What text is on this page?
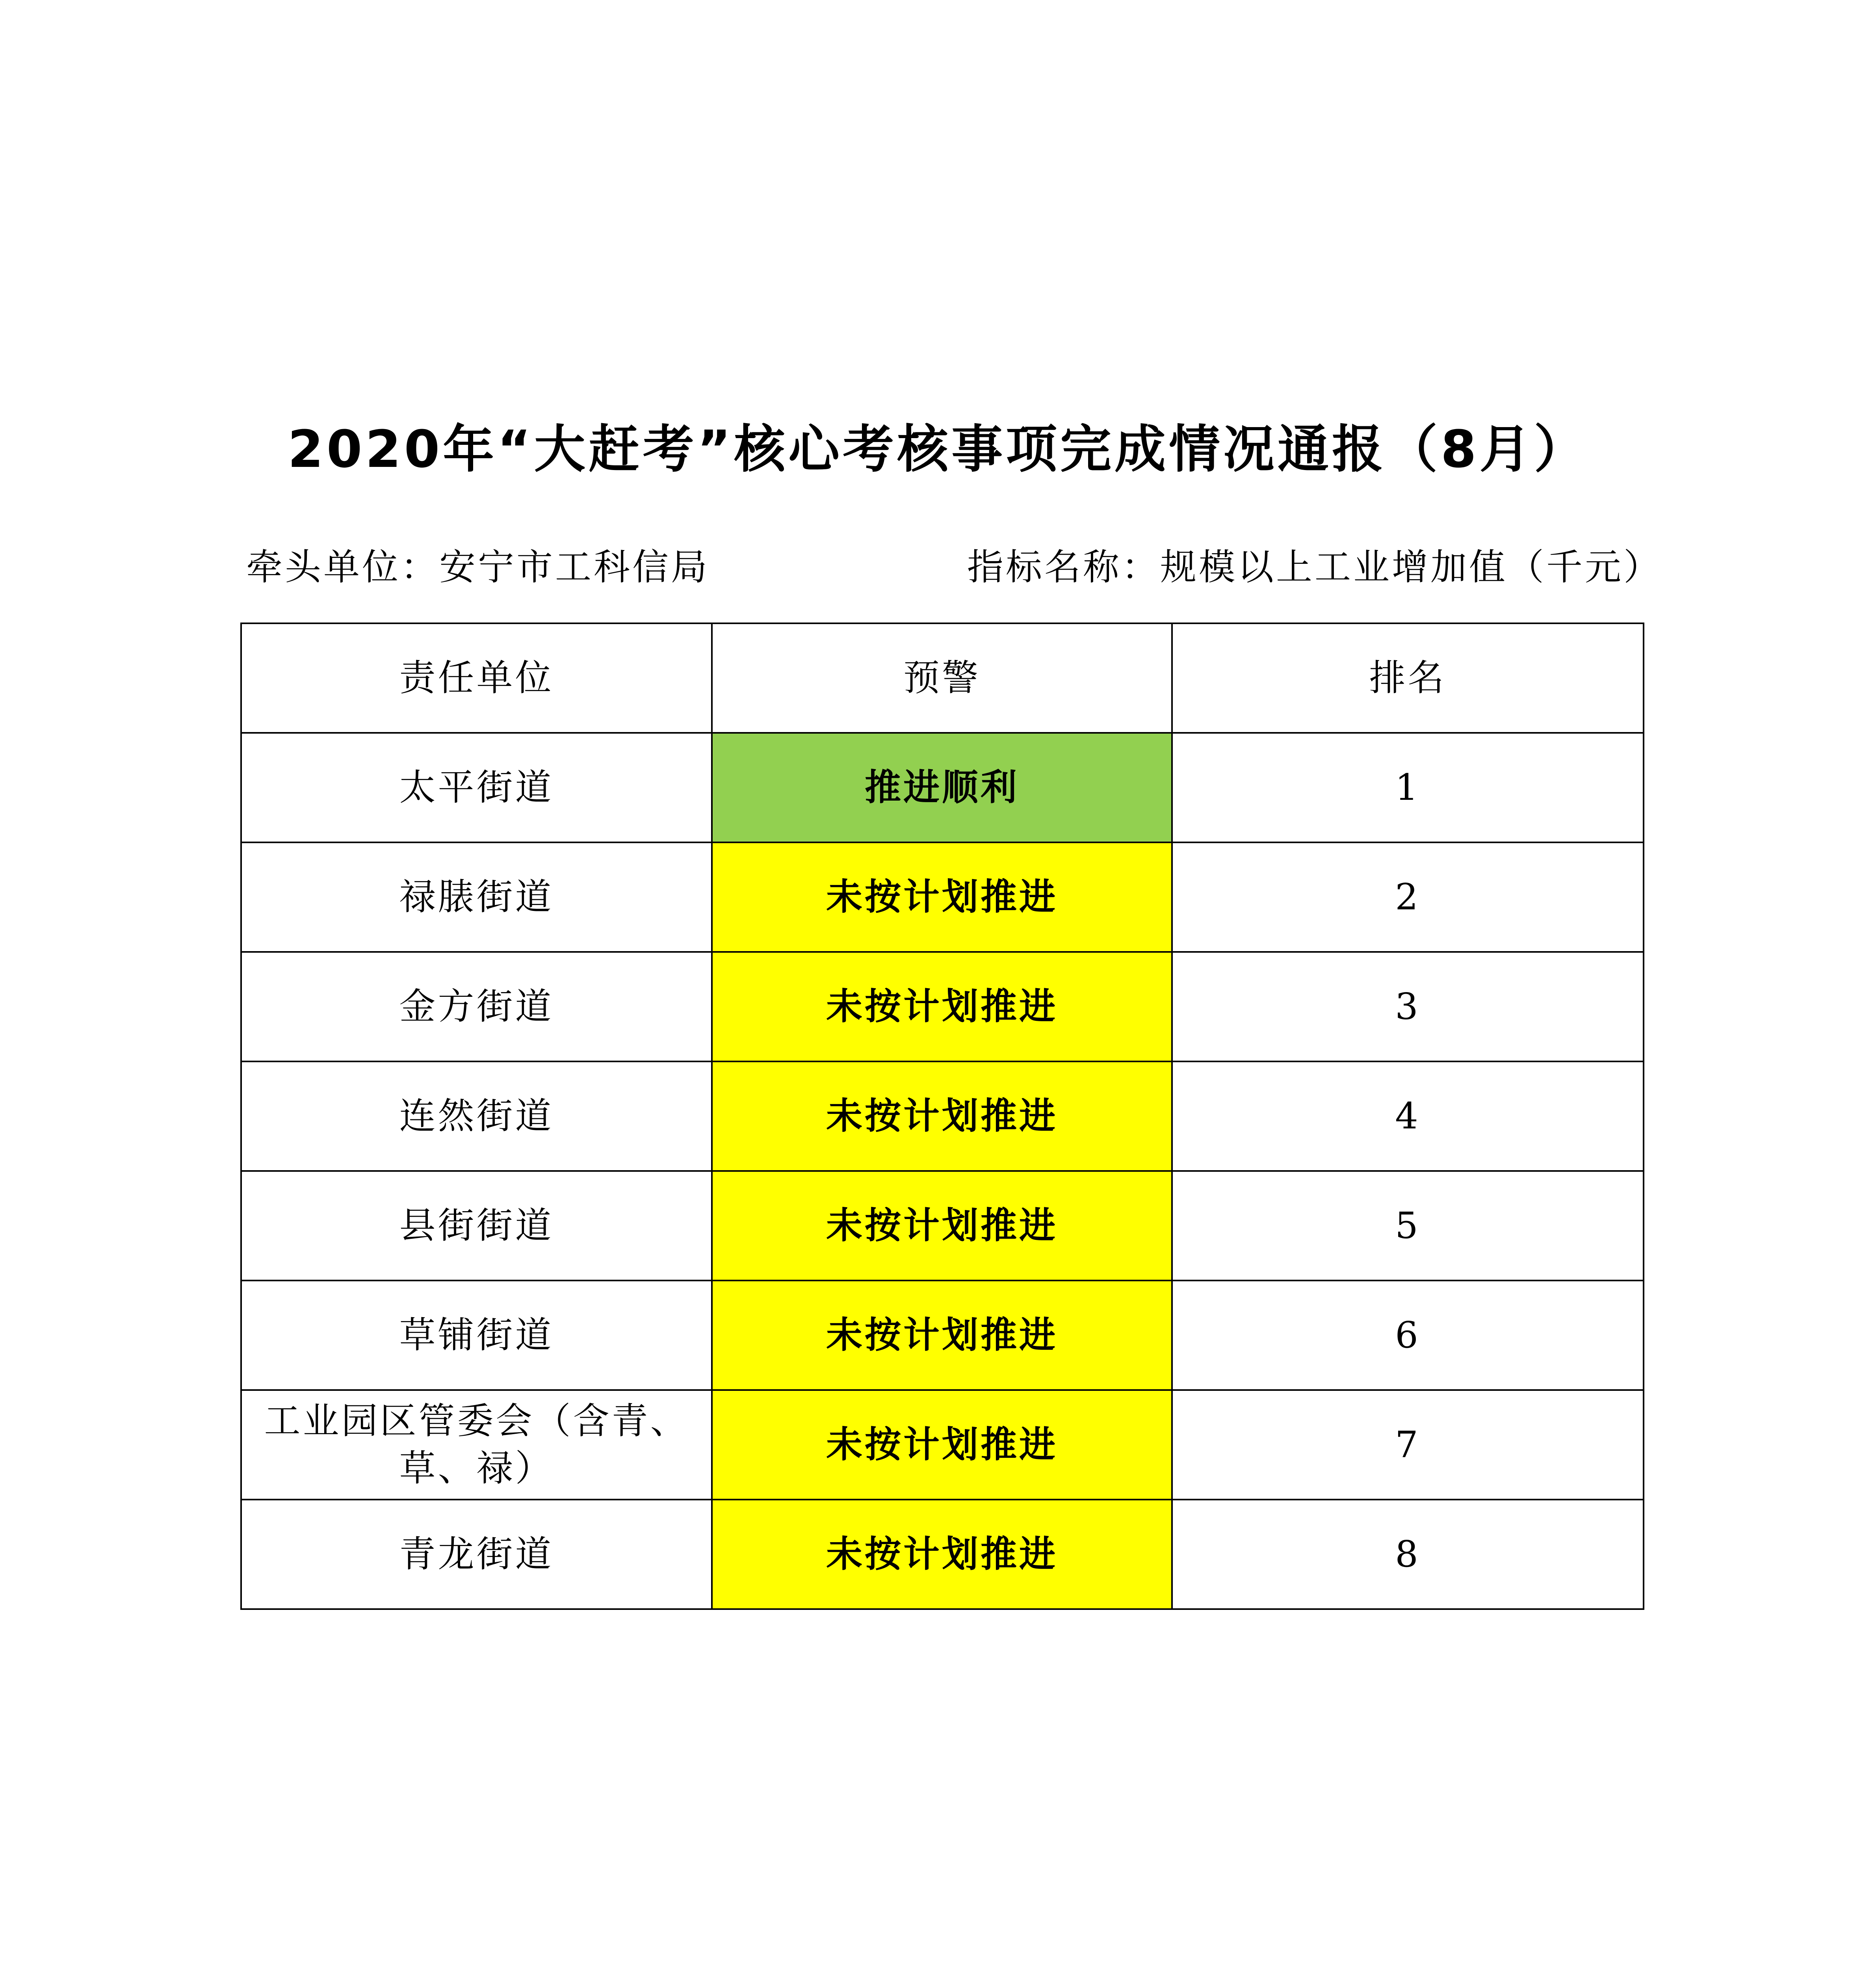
2020年“大赶考”核心考核事项完成情况通报（8月）
牵头单位：安宁市工科信局	指标名称：规模以上工业增加值（千元）
责任单位	预警	排名
太平街道	推进顺利	1
禄脿街道	未按计划推进	2
金方街道	未按计划推进	3
连然街道	未按计划推进	4
县街街道	未按计划推进	5
草铺街道	未按计划推进	6
工业园区管委会（含青、草、禄）	未按计划推进	7
青龙街道	未按计划推进	8
